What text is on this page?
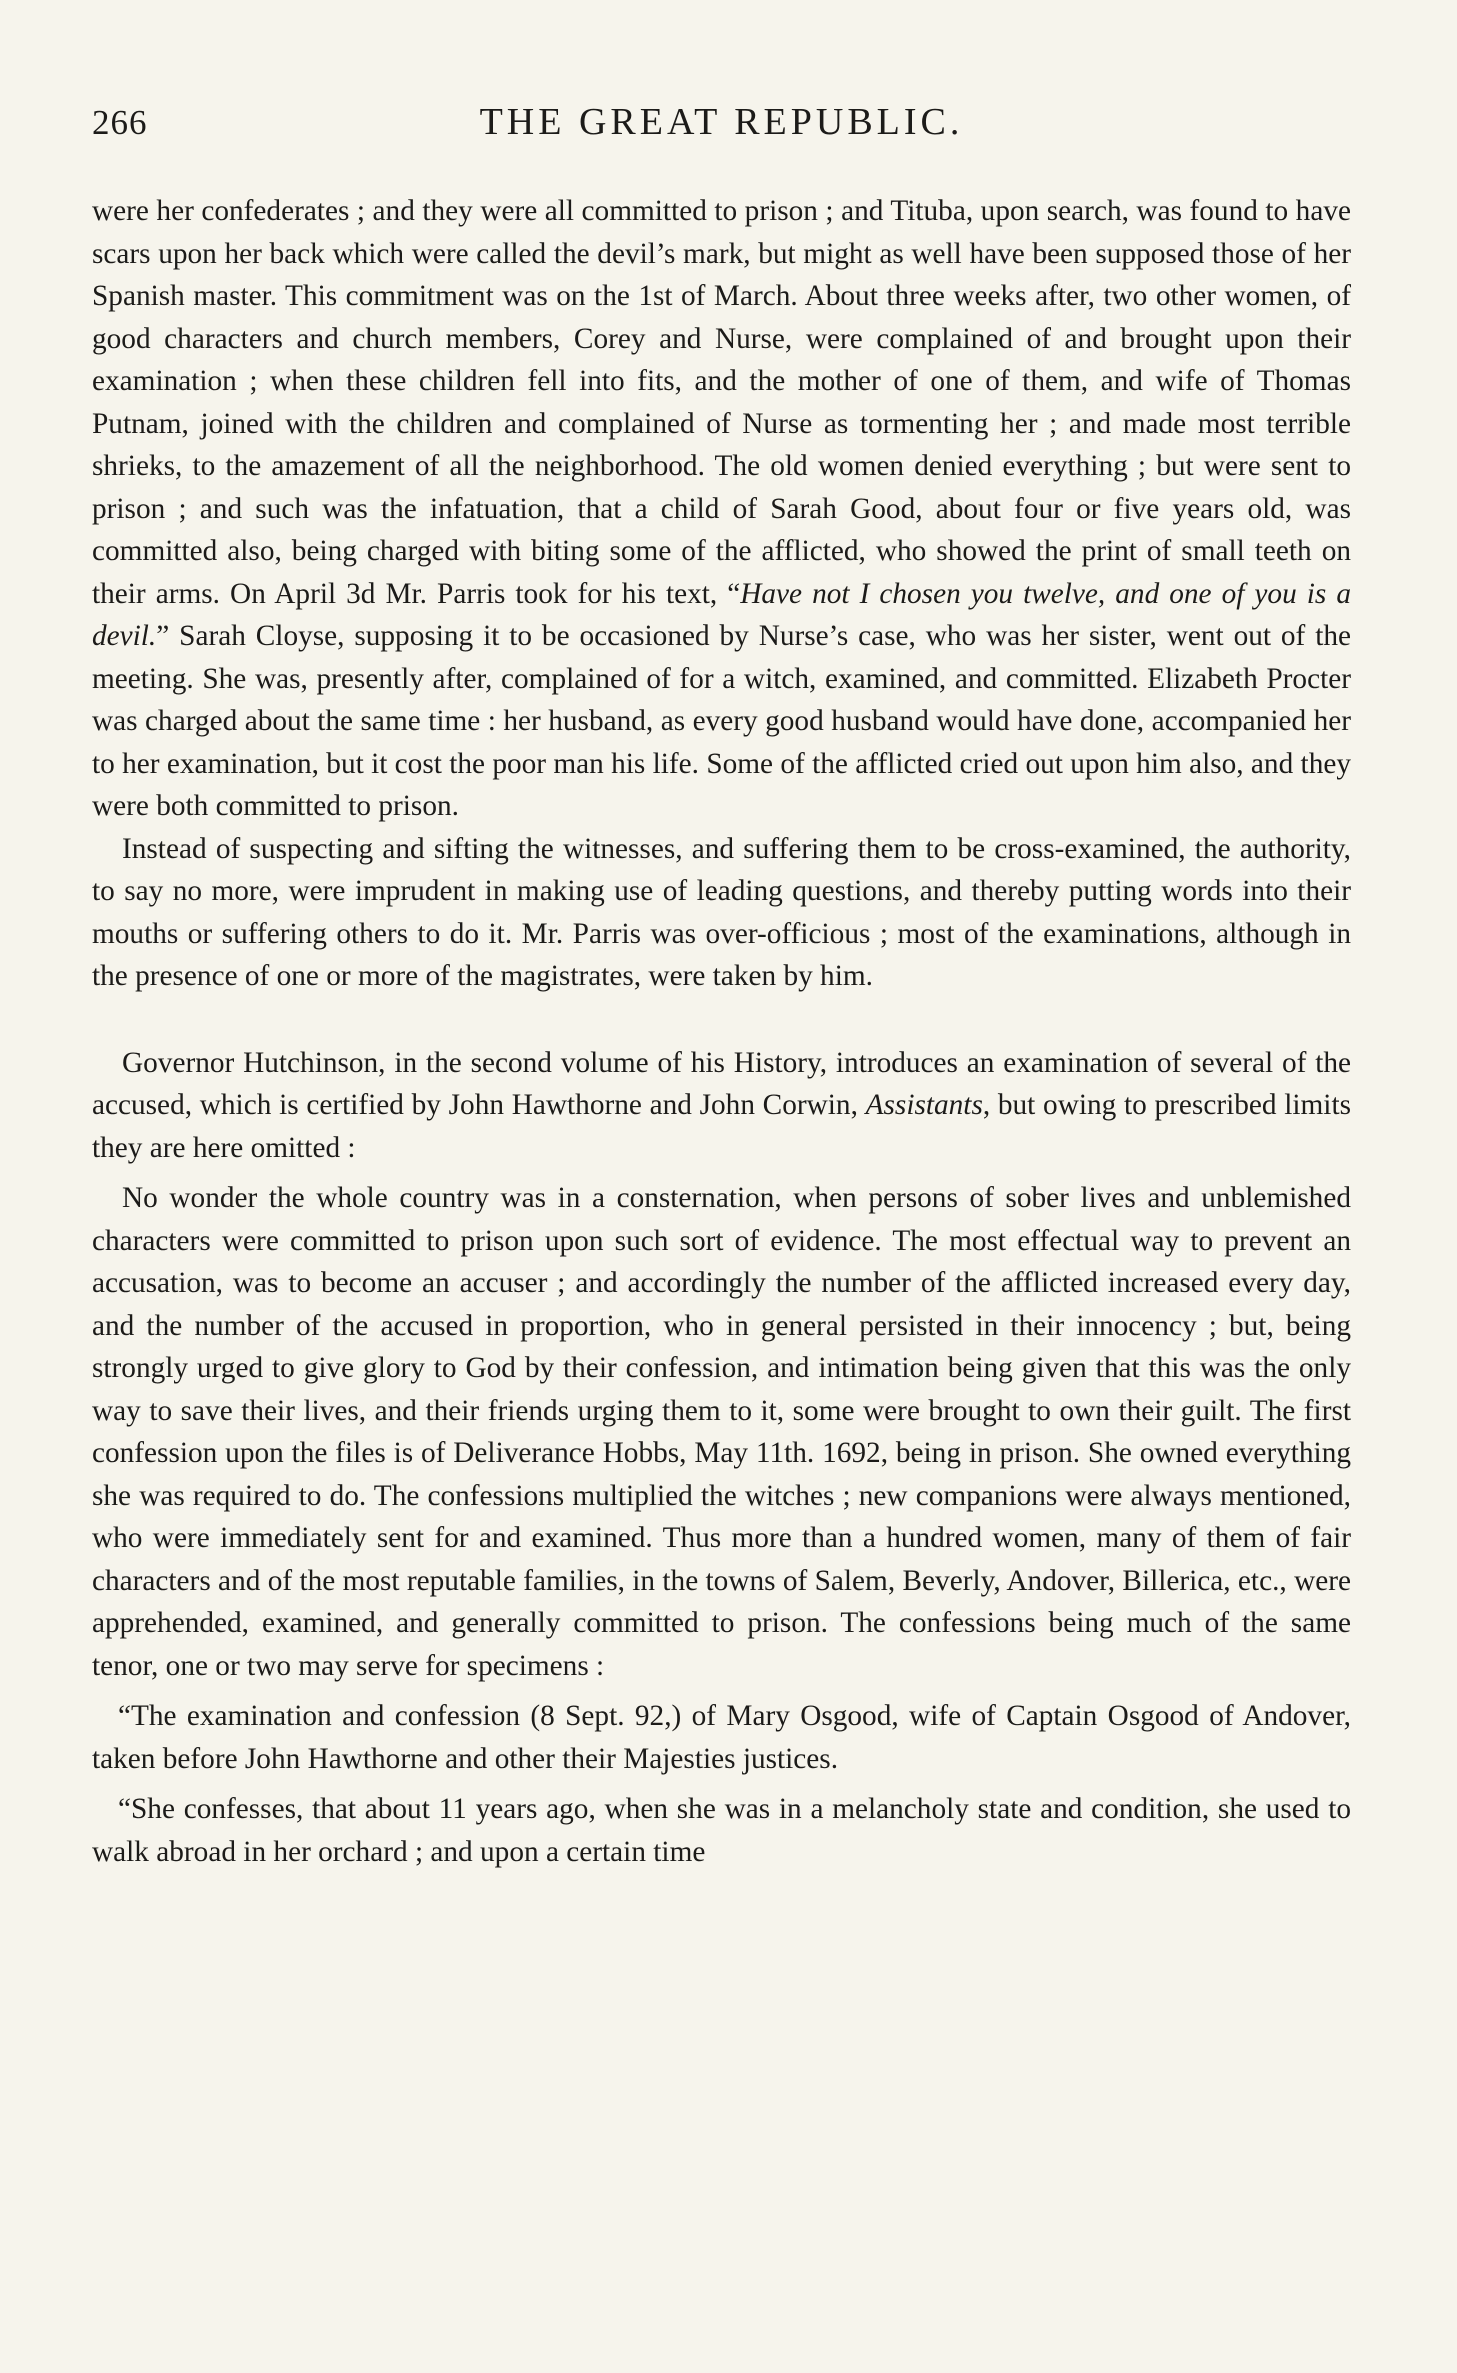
266	THE GREAT REPUBLIC.

were her confederates ; and they were all committed to prison ; and Tituba, upon search, was found to have scars upon her back which were called the devil’s mark, but might as well have been supposed those of her Spanish master. This commitment was on the 1st of March. About three weeks after, two other women, of good characters and church members, Corey and Nurse, were complained of and brought upon their examination ; when these children fell into fits, and the mother of one of them, and wife of Thomas Putnam, joined with the children and complained of Nurse as tormenting her ; and made most terrible shrieks, to the amazement of all the neighborhood. The old women denied everything ; but were sent to prison ; and such was the infatuation, that a child of Sarah Good, about four or five years old, was committed also, being charged with biting some of the afflicted, who showed the print of small teeth on their arms. On April 3d Mr. Parris took for his text, “Have not I chosen you twelve, and one of you is a devil.” Sarah Cloyse, supposing it to be occasioned by Nurse’s case, who was her sister, went out of the meeting. She was, presently after, complained of for a witch, examined, and committed. Elizabeth Procter was charged about the same time : her husband, as every good husband would have done, accompanied her to her examination, but it cost the poor man his life. Some of the afflicted cried out upon him also, and they were both committed to prison.

Instead of suspecting and sifting the witnesses, and suffering them to be cross-examined, the authority, to say no more, were imprudent in making use of leading questions, and thereby putting words into their mouths or suffering others to do it. Mr. Parris was over-officious ; most of the examinations, although in the presence of one or more of the magistrates, were taken by him.

Governor Hutchinson, in the second volume of his History, introduces an examination of several of the accused, which is certified by John Hawthorne and John Corwin, Assistants, but owing to prescribed limits they are here omitted :

No wonder the whole country was in a consternation, when persons of sober lives and unblemished characters were committed to prison upon such sort of evidence. The most effectual way to prevent an accusation, was to become an accuser ; and accordingly the number of the afflicted increased every day, and the number of the accused in proportion, who in general persisted in their innocency ; but, being strongly urged to give glory to God by their confession, and intimation being given that this was the only way to save their lives, and their friends urging them to it, some were brought to own their guilt. The first confession upon the files is of Deliverance Hobbs, May 11th. 1692, being in prison. She owned everything she was required to do. The confessions multiplied the witches ; new companions were always mentioned, who were immediately sent for and examined. Thus more than a hundred women, many of them of fair characters and of the most reputable families, in the towns of Salem, Beverly, Andover, Billerica, etc., were apprehended, examined, and generally committed to prison. The confessions being much of the same tenor, one or two may serve for specimens :

“The examination and confession (8 Sept. 92,) of Mary Osgood, wife of Captain Osgood of Andover, taken before John Hawthorne and other their Majesties justices.

“She confesses, that about 11 years ago, when she was in a melancholy state and condition, she used to walk abroad in her orchard ; and upon a certain time
